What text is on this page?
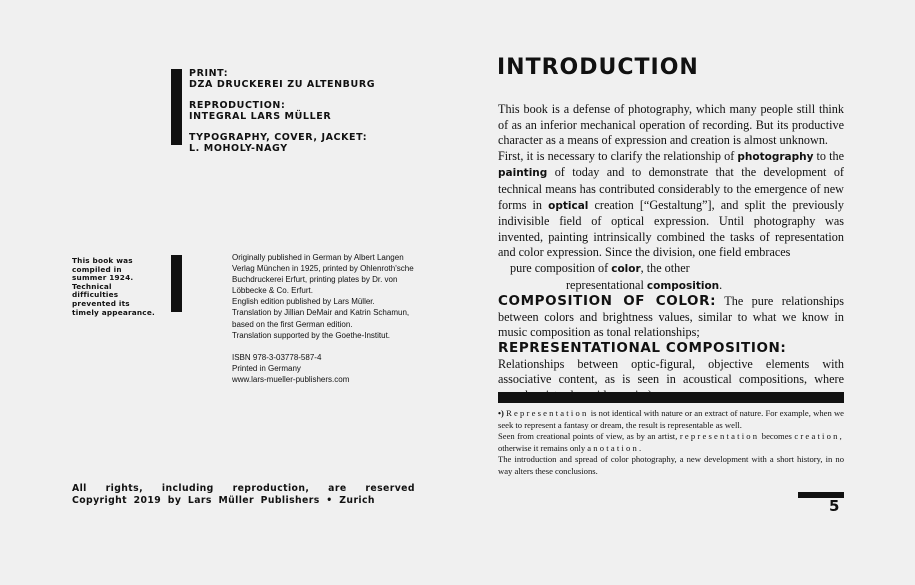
PRINT:
DZA DRUCKEREI ZU ALTENBURG
REPRODUCTION:
INTEGRAL LARS MÜLLER
TYPOGRAPHY, COVER, JACKET:
L. MOHOLY-NAGY
This book was compiled in summer 1924. Technical difficulties prevented its timely appearance.
Originally published in German by Albert Langen
Verlag München in 1925, printed by Ohlenroth'sche
Buchdruckerei Erfurt, printing plates by Dr. von
Löbbecke & Co. Erfurt.
English edition published by Lars Müller.
Translation by Jillian DeMair and Katrin Schamun,
based on the first German edition.
Translation supported by the Goethe-Institut.
ISBN 978-3-03778-587-4
Printed in Germany
www.lars-mueller-publishers.com
All rights, including reproduction, are reserved
Copyright 2019 by Lars Müller Publishers • Zurich
INTRODUCTION

This book is a defense of photography, which many people still think of as an inferior mechanical operation of recording. But its productive character as a means of expression and creation is almost unknown.

First, it is necessary to clarify the relationship of photography to the painting of today and to demonstrate that the development of technical means has contributed considerably to the emergence of new forms in optical creation [“Gestaltung”], and split the previously indivisible field of optical expression. Until photography was invented, painting intrinsically combined the tasks of representation and color expression. Since the division, one field embraces

pure composition of color, the other

representational composition.

COMPOSITION OF COLOR: The pure relationships between colors and brightness values, similar to what we know in music composition as tonal relationships;

REPRESENTATIONAL COMPOSITION:
Relationships between optic-figural, objective elements with associative content, as is seen in acoustical compositions, where

•) Representation is not identical with nature or an extract of nature. For example, when we seek to represent a fantasy or dream, the result is representable as well.

Seen from creational points of view, as by an artist, representation becomes creation, otherwise it remains only a notation.

The introduction and spread of color photography, a new development with a short history, in no way alters these conclusions.

5
